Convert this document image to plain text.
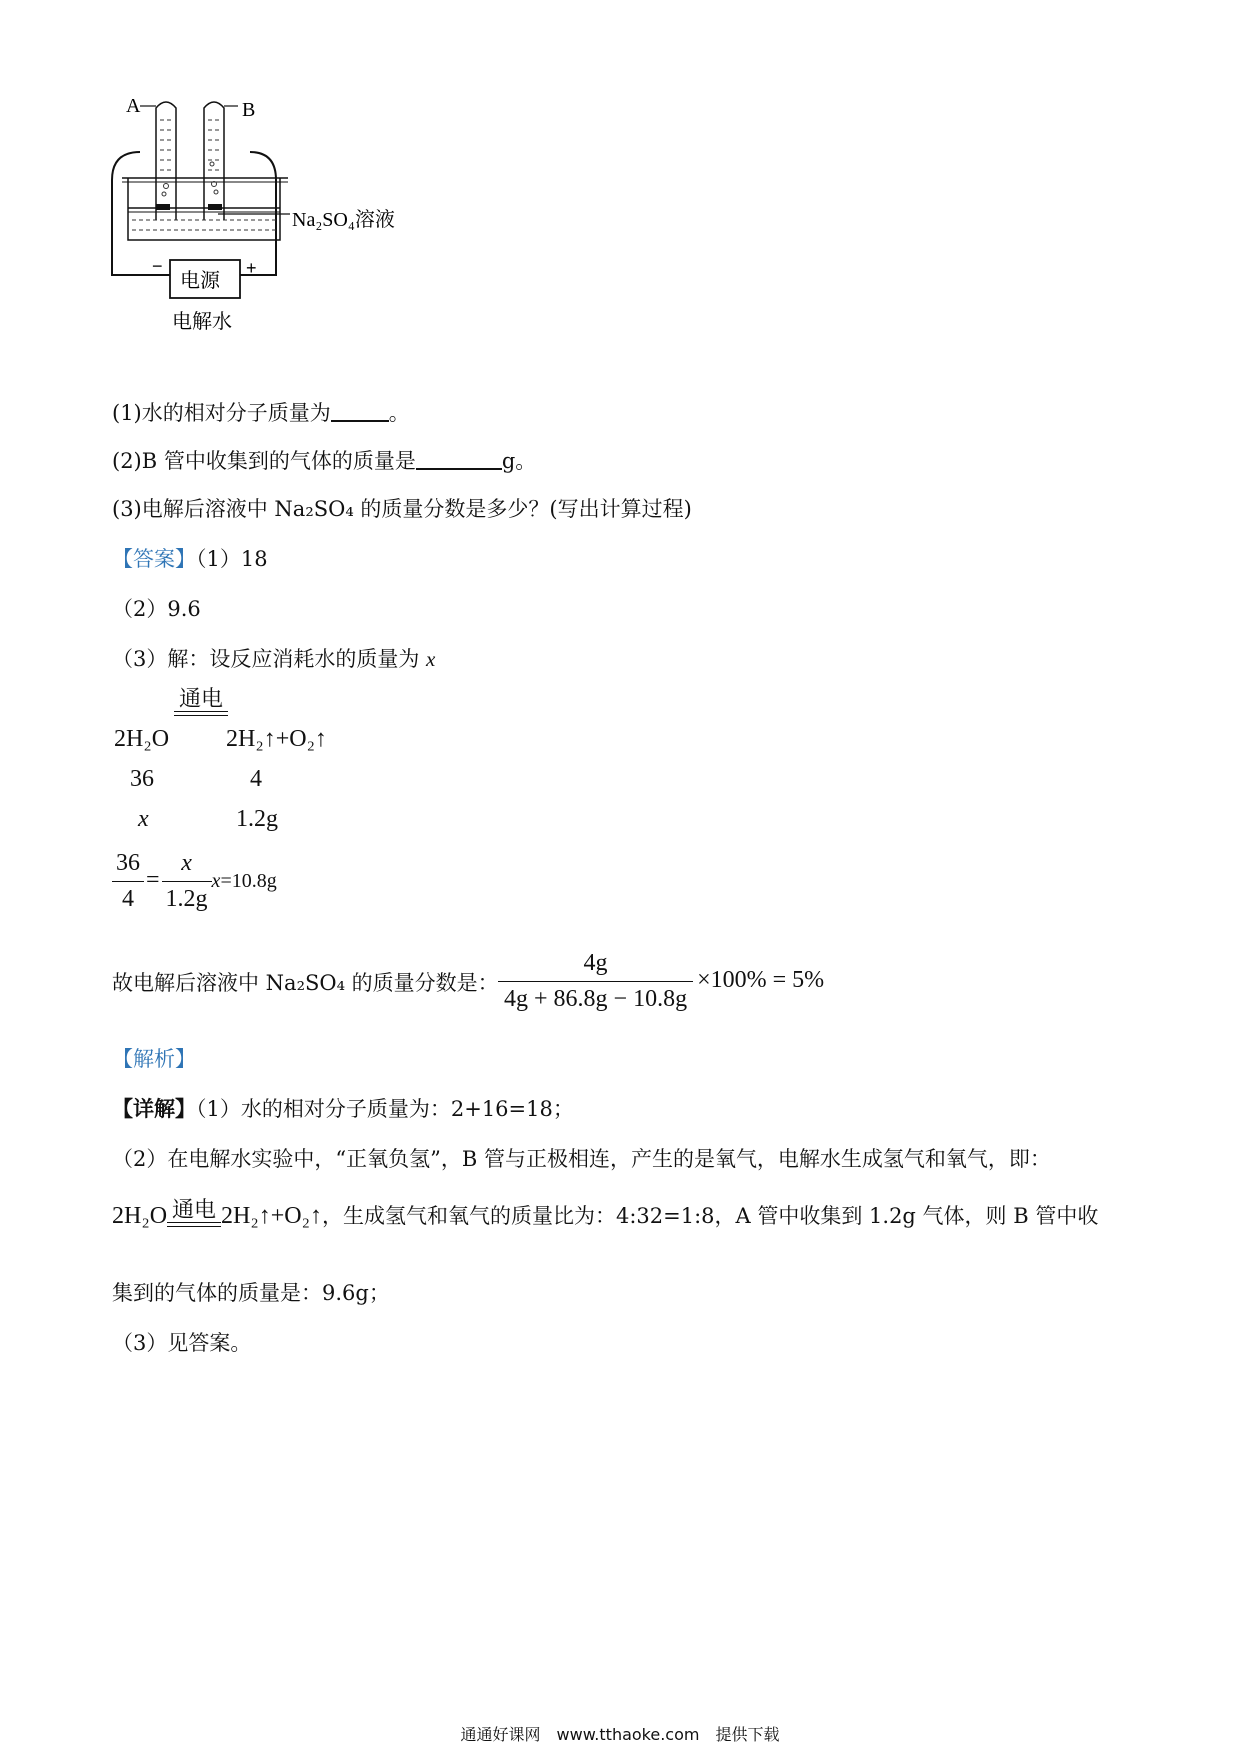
A	B
Na₂SO₄溶液
−	+
电源
电解水
(1)水的相对分子质量为	。
(2)B 管中收集到的气体的质量是	g。
(3)电解后溶液中 Na₂SO₄ 的质量分数是多少？(写出计算过程)
【答案】（1）18
（2）9.6
（3）解：设反应消耗水的质量为 x
通电
2H₂O 2H₂↑+O₂↑
36	4
x	1.2g
$\frac{36}{4} = \frac{x}{1.2g} x=10.8g$
故电解后溶液中 Na₂SO₄ 的质量分数是： $\frac{4g}{4g + 86.8g - 10.8g} \times 100\% = 5\%$
【解析】
【详解】（1）水的相对分子质量为：2+16=18；
（2）在电解水实验中，“正氧负氢”，B 管与正极相连，产生的是氧气，电解水生成氢气和氧气，即：
2H₂O 通电 2H₂↑+O₂↑，生成氢气和氧气的质量比为：4:32=1:8，A 管中收集到 1.2g 气体，则 B 管中收
集到的气体的质量是：9.6g；
（3）见答案。
通通好课网　www.tthaoke.com　提供下载
